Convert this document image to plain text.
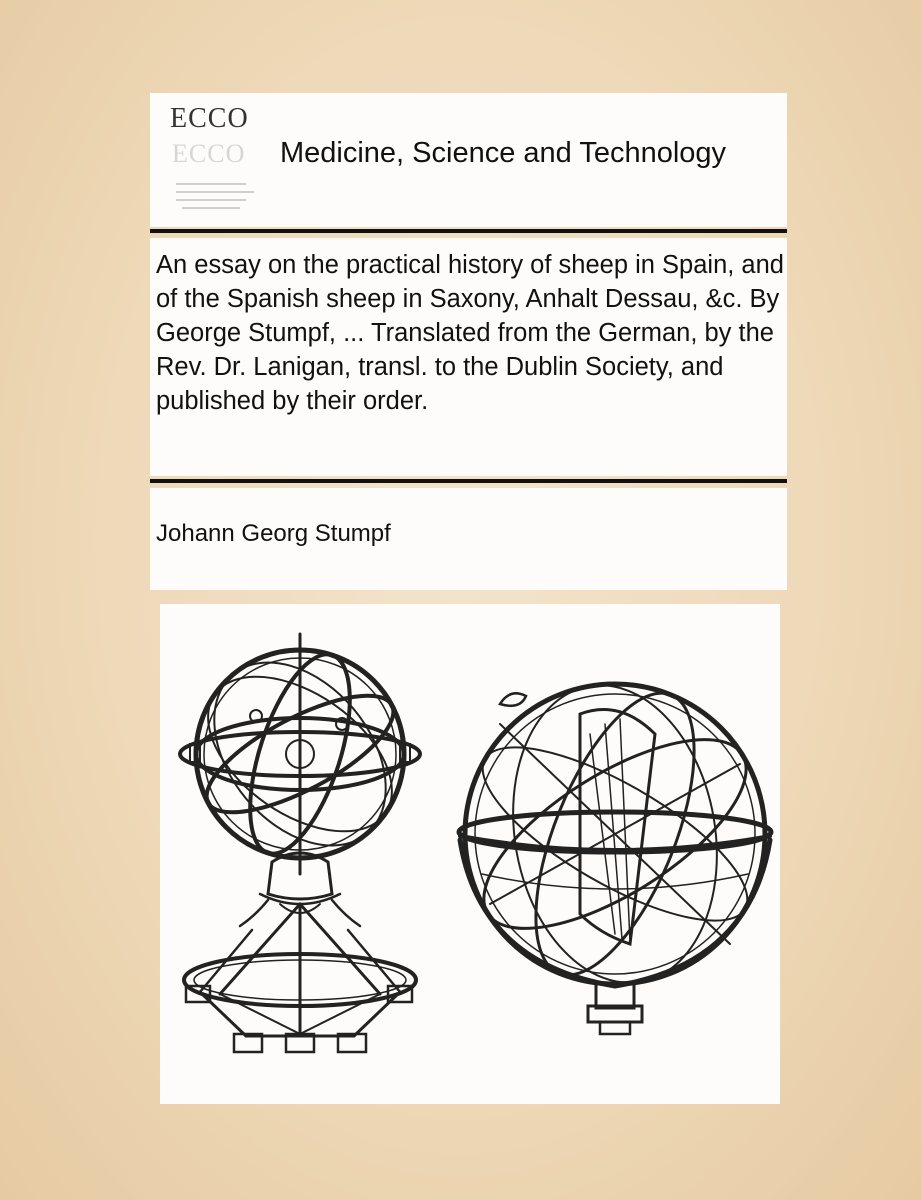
ECCO
ECCO Medicine, Science and Technology
An essay on the practical history of sheep in Spain, and of the Spanish sheep in Saxony, Anhalt Dessau, &c. By George Stumpf, ... Translated from the German, by the Rev. Dr. Lanigan, transl. to the Dublin Society, and published by their order.
Johann Georg Stumpf
